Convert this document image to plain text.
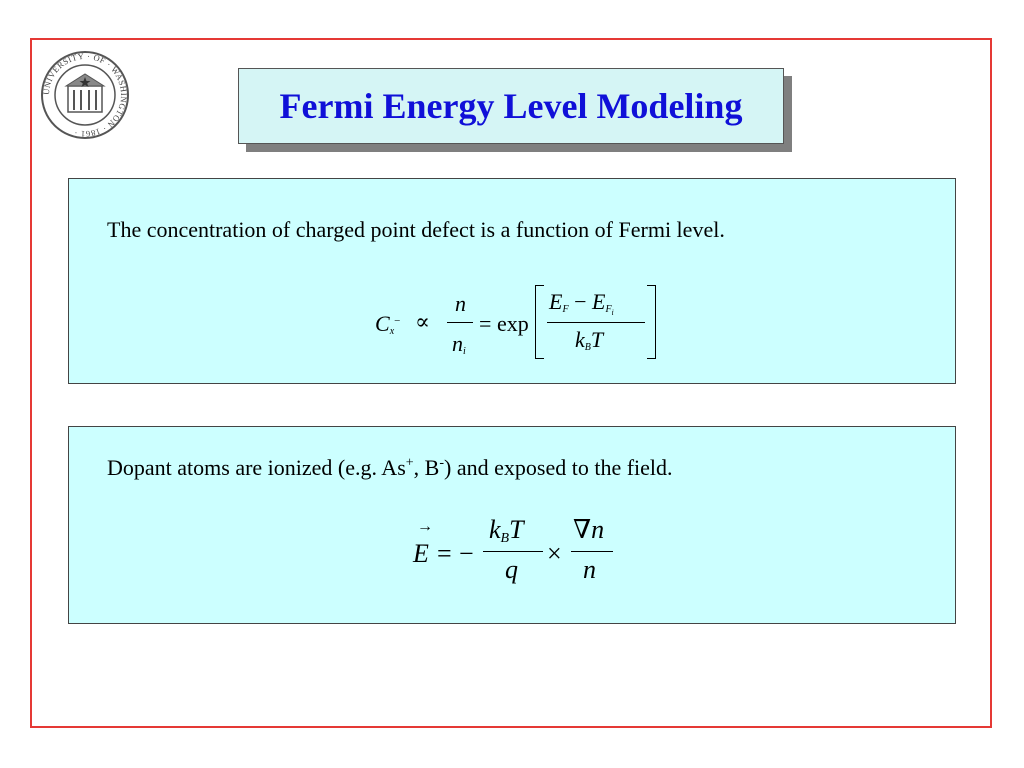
UNIVERSITY · OF · WASHINGTON · 1861 ·
Fermi Energy Level Modeling
The concentration of charged point defect is a function of Fermi level.
Cx− ∝
n
ni
= exp
EF − $EF_i$
kBT
Dopant atoms are ionized (e.g. As+, B-) and exposed to the field.
→
E = −
$k_BT$
q
×
∇n
n
